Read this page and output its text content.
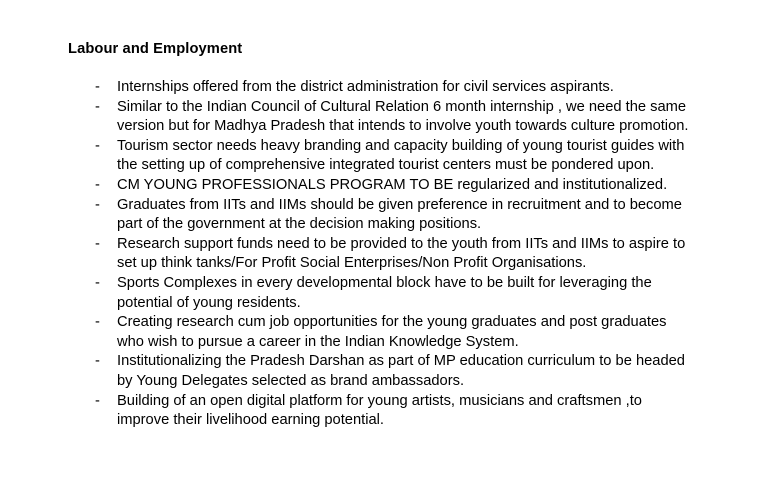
Labour and Employment
-	Internships offered from the district administration for civil services aspirants.
-	Similar to the Indian Council of Cultural Relation 6 month internship , we need the same version but for Madhya Pradesh that intends to involve youth towards culture promotion.
-	Tourism sector needs heavy branding and capacity building of young tourist guides with the setting up of comprehensive integrated tourist centers must be pondered upon.
-	CM YOUNG PROFESSIONALS PROGRAM TO BE regularized and institutionalized.
-	Graduates from IITs and IIMs should be given preference in recruitment and to become part of the government at the decision making positions.
-	Research support funds need to be provided to the youth from IITs and IIMs to aspire to set up think tanks/For Profit Social Enterprises/Non Profit Organisations.
-	Sports Complexes in every developmental block have to be built for leveraging the potential of young residents.
-	Creating research cum job opportunities for the young graduates and post graduates who wish to pursue a career in the Indian Knowledge System.
-	Institutionalizing the Pradesh Darshan as part of MP education curriculum to be headed by Young Delegates selected as brand ambassadors.
-	Building of an open digital platform for young artists, musicians and craftsmen ,to improve their livelihood earning potential.
